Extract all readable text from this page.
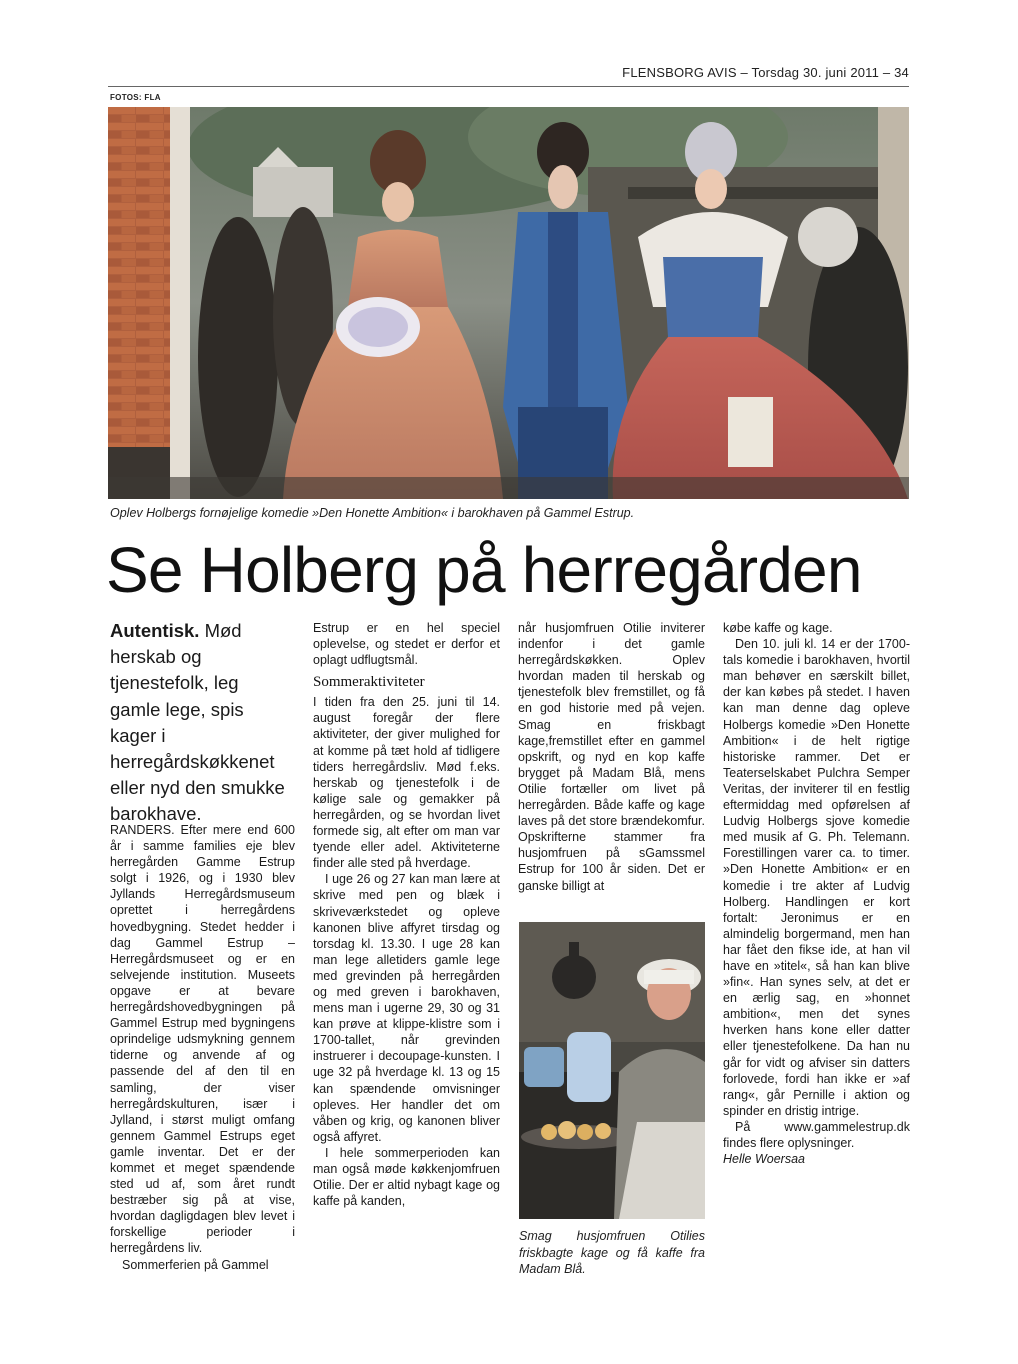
FLENSBORG AVIS – Torsdag 30. juni 2011 – 34
FOTOS: FLA
Oplev Holbergs fornøjelige komedie »Den Honette Ambition« i barokhaven på Gammel Estrup.
Se Holberg på herregården
Autentisk. Mød herskab og tjenestefolk, leg gamle lege, spis kager i herregårdskøkkenet eller nyd den smukke barokhave.

RANDERS. Efter mere end 600 år i samme families eje blev herregården Gamme Estrup solgt i 1926, og i 1930 blev Jyllands Herregårdsmuseum oprettet i herregårdens hovedbygning. Stedet hedder i dag Gammel Estrup – Herregårdsmuseet og er en selvejende institution. Museets opgave er at bevare herregårdshovedbygningen på Gammel Estrup med bygningens oprindelige udsmykning gennem tiderne og anvende af og passende del af den til en samling, der viser herregårdskulturen, især i Jylland, i størst muligt omfang gennem Gammel Estrups eget gamle inventar. Det er der kommet et meget spændende sted ud af, som året rundt bestræber sig på at vise, hvordan dagligdagen blev levet i forskellige perioder i herregårdens liv.

Sommerferien på Gammel

Estrup er en hel speciel oplevelse, og stedet er derfor et oplagt udflugtsmål.

Sommeraktiviteter

I tiden fra den 25. juni til 14. august foregår der flere aktiviteter, der giver mulighed for at komme på tæt hold af tidligere tiders herregårdsliv. Mød f.eks. herskab og tjenestefolk i de kølige sale og gemakker på herregården, og se hvordan livet formede sig, alt efter om man var tyende eller adel. Aktiviteterne finder alle sted på hverdage.

I uge 26 og 27 kan man lære at skrive med pen og blæk i skriveværkstedet og opleve kanonen blive affyret tirsdag og torsdag kl. 13.30. I uge 28 kan man lege alletiders gamle lege med grevinden på herregården og med greven i barokhaven, mens man i ugerne 29, 30 og 31 kan prøve at klippe-klistre som i 1700-tallet, når grevinden instruerer i decoupage-kunsten. I uge 32 på hverdage kl. 13 og 15 kan spændende omvisninger opleves. Her handler det om våben og krig, og kanonen bliver også affyret.

I hele sommerperioden kan man også møde køkkenjomfruen Otilie. Der er altid nybagt kage og kaffe på kanden,

når husjomfruen Otilie inviterer indenfor i det gamle herregårdskøkken. Oplev hvordan maden til herskab og tjenestefolk blev fremstillet, og få en god historie med på vejen. Smag en friskbagt kage,fremstillet efter en gammel opskrift, og nyd en kop kaffe brygget på Madam Blå, mens Otilie fortæller om livet på herregården. Både kaffe og kage laves på det store brændekomfur. Opskrifterne stammer fra husjomfruen på sGamssmel Estrup for 100 år siden. Det er ganske billigt at

Smag husjomfruen Otilies friskbagte kage og få kaffe fra Madam Blå.

købe kaffe og kage.

Den 10. juli kl. 14 er der 1700-tals komedie i barokhaven, hvortil man behøver en særskilt billet, der kan købes på stedet. I haven kan man denne dag opleve Holbergs komedie »Den Honette Ambition« i de helt rigtige historiske rammer. Det er Teaterselskabet Pulchra Semper Veritas, der inviterer til en festlig eftermiddag med opførelsen af Ludvig Holbergs sjove komedie med musik af G. Ph. Telemann. Forestillingen varer ca. to timer. »Den Honette Ambition« er en komedie i tre akter af Ludvig Holberg. Handlingen er kort fortalt: Jeronimus er en almindelig borgermand, men han har fået den fikse ide, at han vil have en »titel«, så han kan blive »fin«. Han synes selv, at det er en ærlig sag, en »honnet ambition«, men det synes hverken hans kone eller datter eller tjenestefolkene. Da han nu går for vidt og afviser sin datters forlovede, fordi han ikke er »af rang«, går Pernille i aktion og spinder en dristig intrige.

På www.gammelestrup.dk findes flere oplysninger.

Helle Woersaa
